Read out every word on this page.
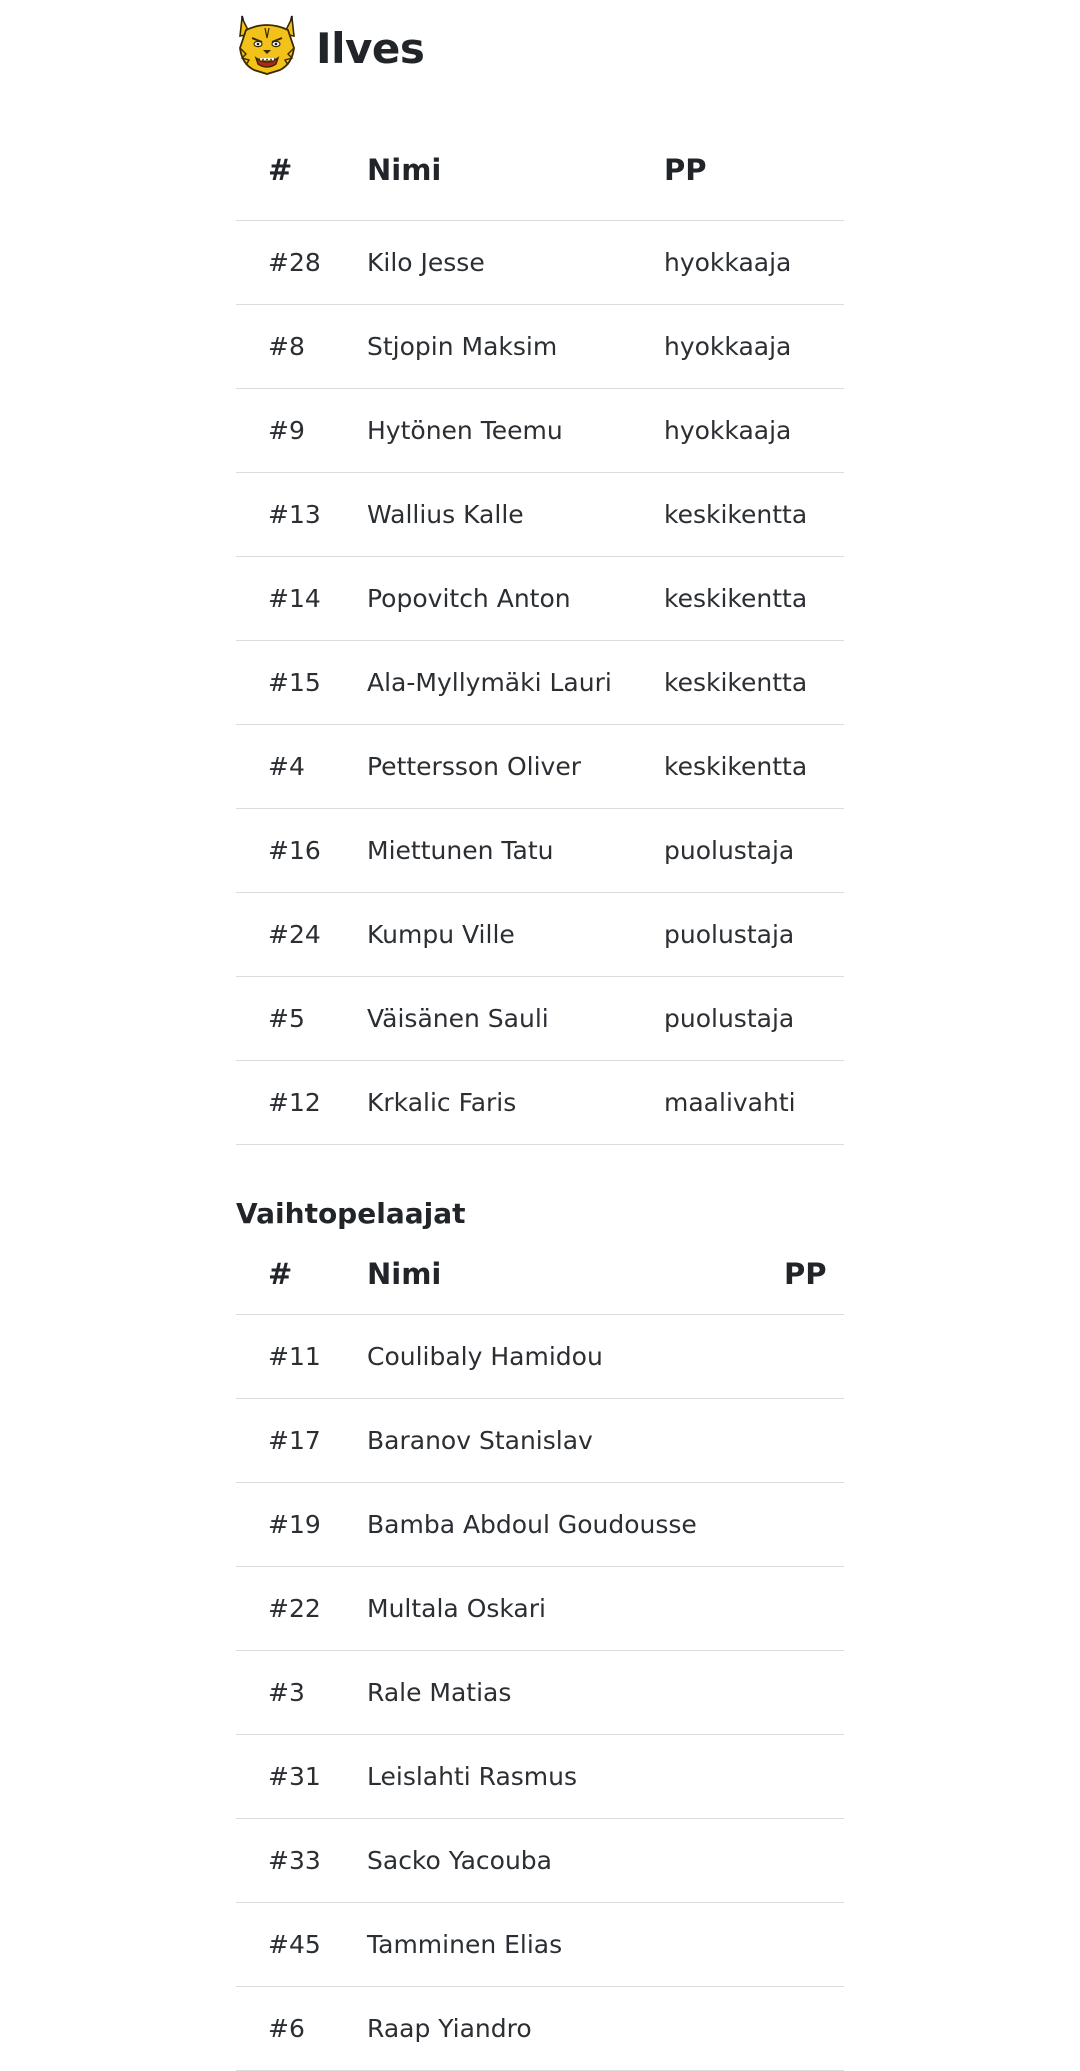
Ilves
#	Nimi	PP
#28	Kilo Jesse	hyokkaaja
#8	Stjopin Maksim	hyokkaaja
#9	Hytönen Teemu	hyokkaaja
#13	Wallius Kalle	keskikentta
#14	Popovitch Anton	keskikentta
#15	Ala-Myllymäki Lauri	keskikentta
#4	Pettersson Oliver	keskikentta
#16	Miettunen Tatu	puolustaja
#24	Kumpu Ville	puolustaja
#5	Väisänen Sauli	puolustaja
#12	Krkalic Faris	maalivahti
Vaihtopelaajat
#	Nimi	PP
#11	Coulibaly Hamidou	
#17	Baranov Stanislav	
#19	Bamba Abdoul Goudousse	
#22	Multala Oskari	
#3	Rale Matias	
#31	Leislahti Rasmus	
#33	Sacko Yacouba	
#45	Tamminen Elias	
#6	Raap Yiandro	
